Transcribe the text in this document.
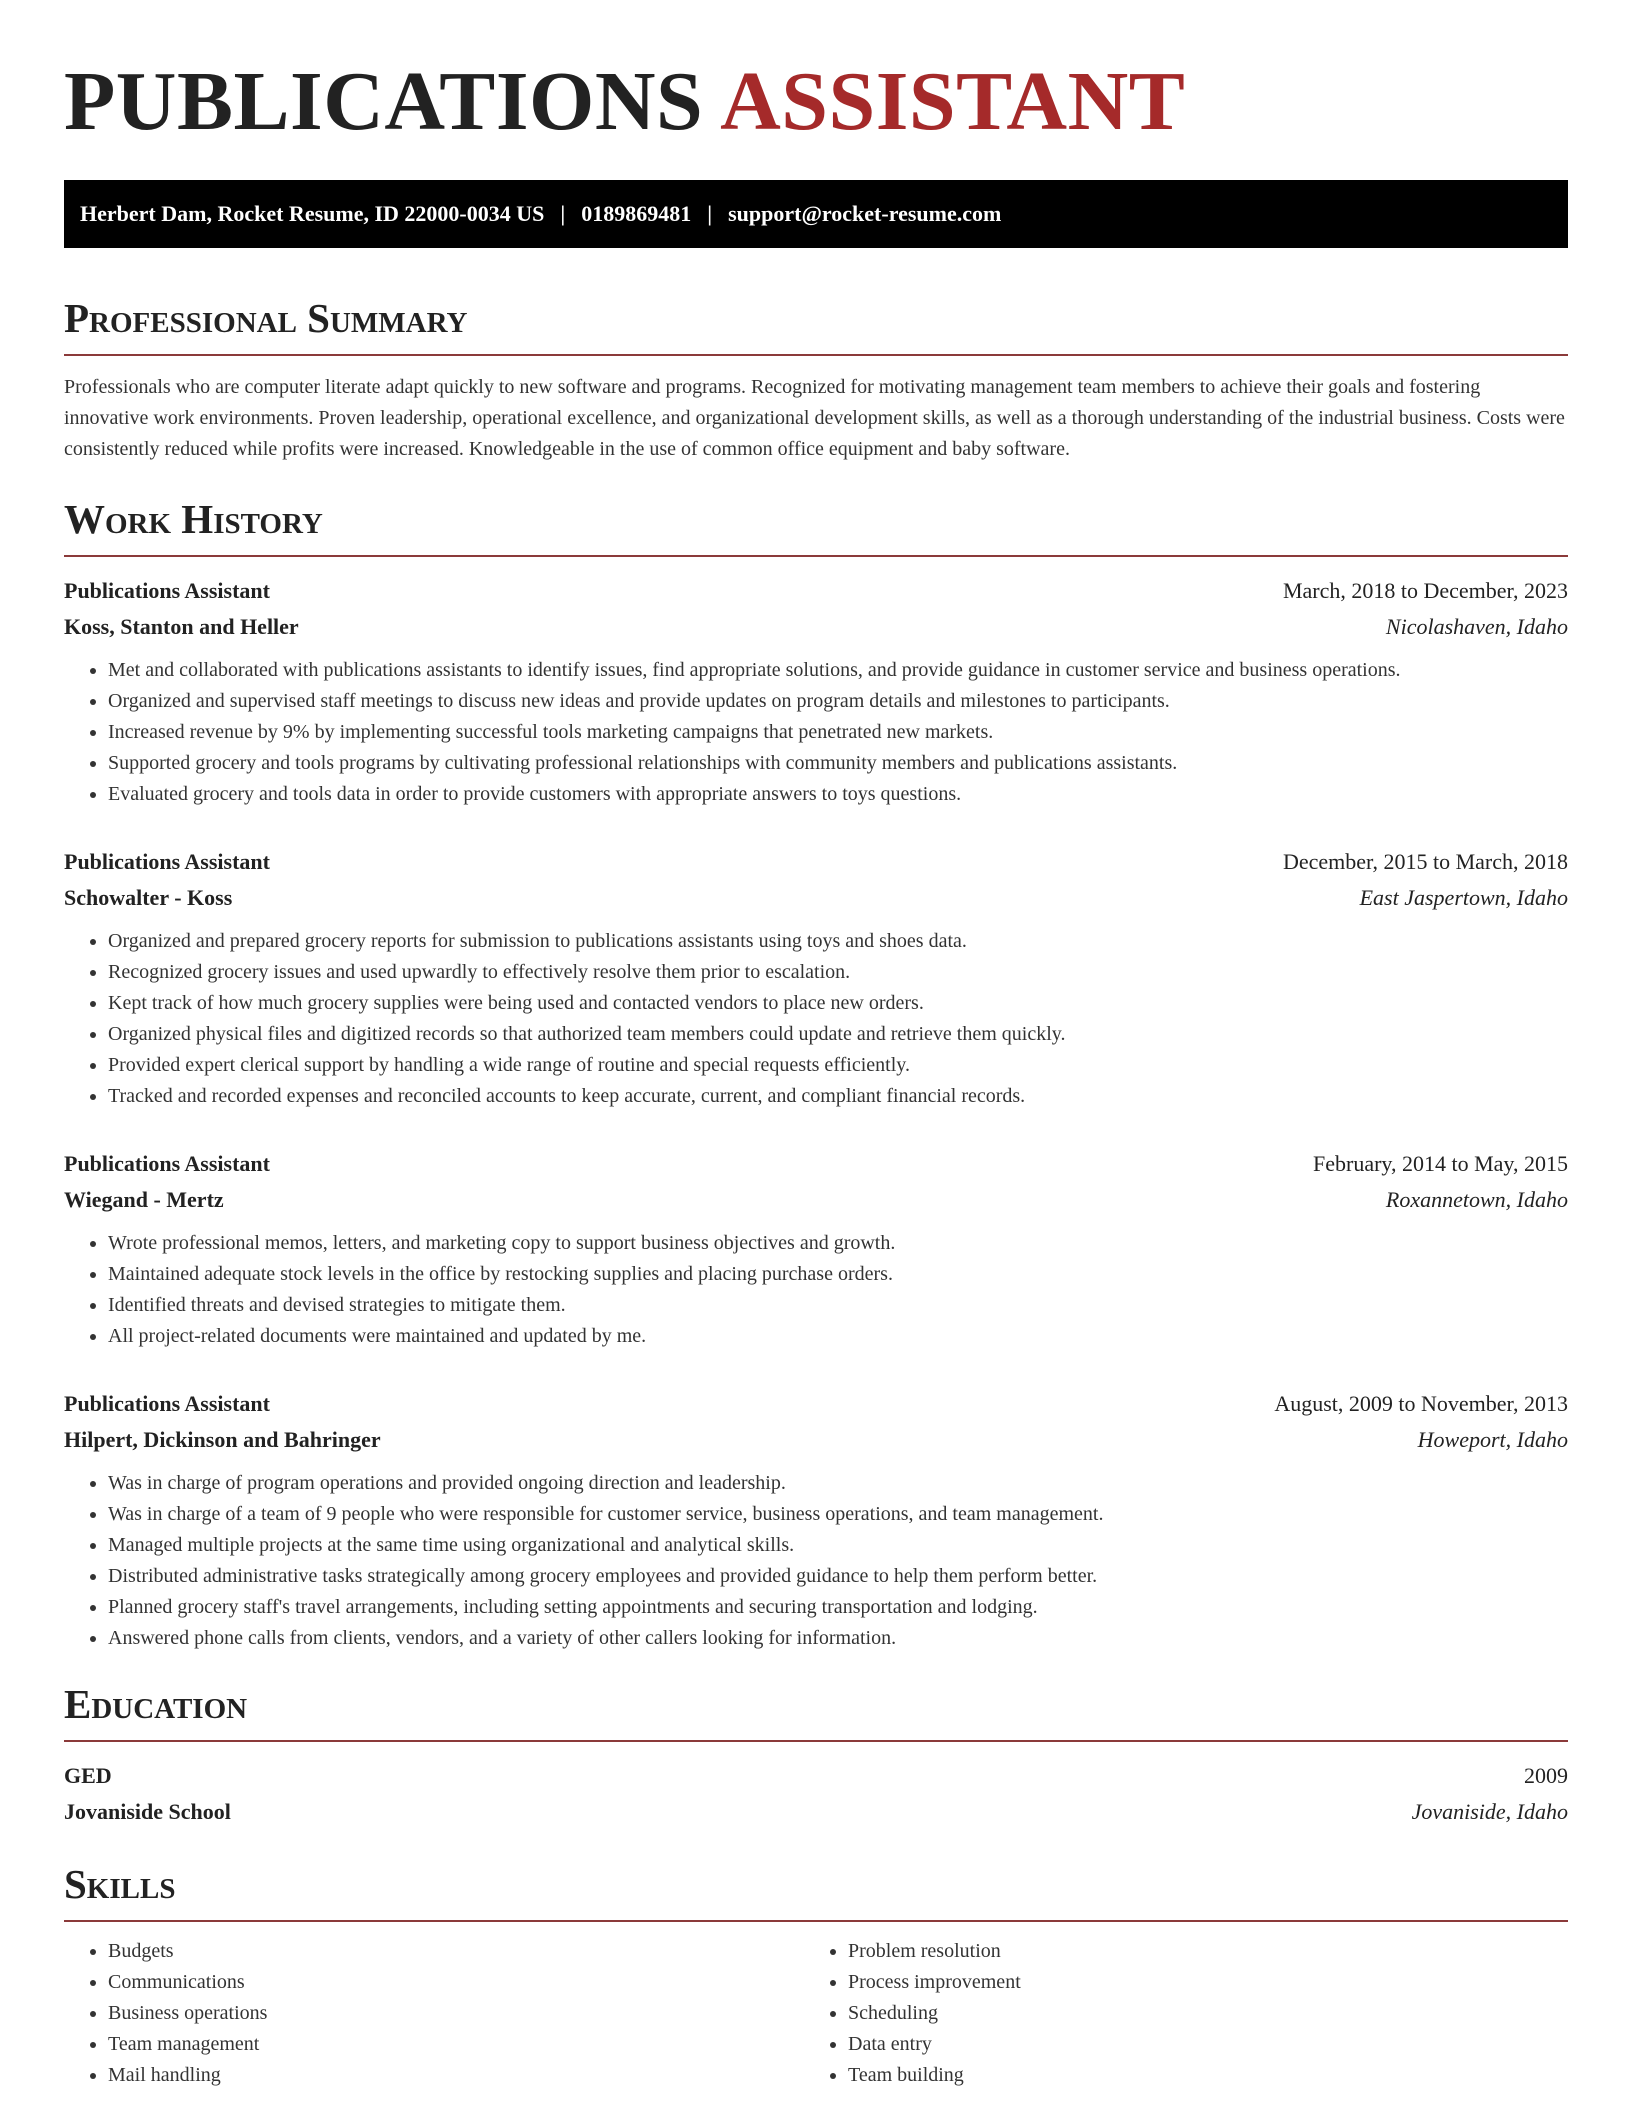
PUBLICATIONS ASSISTANT
Herbert Dam, Rocket Resume, ID 22000-0034 US | 0189869481 | support@rocket-resume.com
Professional Summary

Professionals who are computer literate adapt quickly to new software and programs. Recognized for motivating management team members to achieve their goals and fostering innovative work environments. Proven leadership, operational excellence, and organizational development skills, as well as a thorough understanding of the industrial business. Costs were consistently reduced while profits were increased. Knowledgeable in the use of common office equipment and baby software.

Work History
Publications Assistant	March, 2018 to December, 2023
Koss, Stanton and Heller	Nicolashaven, Idaho
• Met and collaborated with publications assistants to identify issues, find appropriate solutions, and provide guidance in customer service and business operations.
• Organized and supervised staff meetings to discuss new ideas and provide updates on program details and milestones to participants.
• Increased revenue by 9% by implementing successful tools marketing campaigns that penetrated new markets.
• Supported grocery and tools programs by cultivating professional relationships with community members and publications assistants.
• Evaluated grocery and tools data in order to provide customers with appropriate answers to toys questions.
Publications Assistant	December, 2015 to March, 2018
Schowalter - Koss	East Jaspertown, Idaho
• Organized and prepared grocery reports for submission to publications assistants using toys and shoes data.
• Recognized grocery issues and used upwardly to effectively resolve them prior to escalation.
• Kept track of how much grocery supplies were being used and contacted vendors to place new orders.
• Organized physical files and digitized records so that authorized team members could update and retrieve them quickly.
• Provided expert clerical support by handling a wide range of routine and special requests efficiently.
• Tracked and recorded expenses and reconciled accounts to keep accurate, current, and compliant financial records.
Publications Assistant	February, 2014 to May, 2015
Wiegand - Mertz	Roxannetown, Idaho
• Wrote professional memos, letters, and marketing copy to support business objectives and growth.
• Maintained adequate stock levels in the office by restocking supplies and placing purchase orders.
• Identified threats and devised strategies to mitigate them.
• All project-related documents were maintained and updated by me.
Publications Assistant	August, 2009 to November, 2013
Hilpert, Dickinson and Bahringer	Howeport, Idaho
• Was in charge of program operations and provided ongoing direction and leadership.
• Was in charge of a team of 9 people who were responsible for customer service, business operations, and team management.
• Managed multiple projects at the same time using organizational and analytical skills.
• Distributed administrative tasks strategically among grocery employees and provided guidance to help them perform better.
• Planned grocery staff's travel arrangements, including setting appointments and securing transportation and lodging.
• Answered phone calls from clients, vendors, and a variety of other callers looking for information.
Education
GED	2009
Jovaniside School	Jovaniside, Idaho
Skills
• Budgets
• Communications
• Business operations
• Team management
• Mail handling
• Problem resolution
• Process improvement
• Scheduling
• Data entry
• Team building
